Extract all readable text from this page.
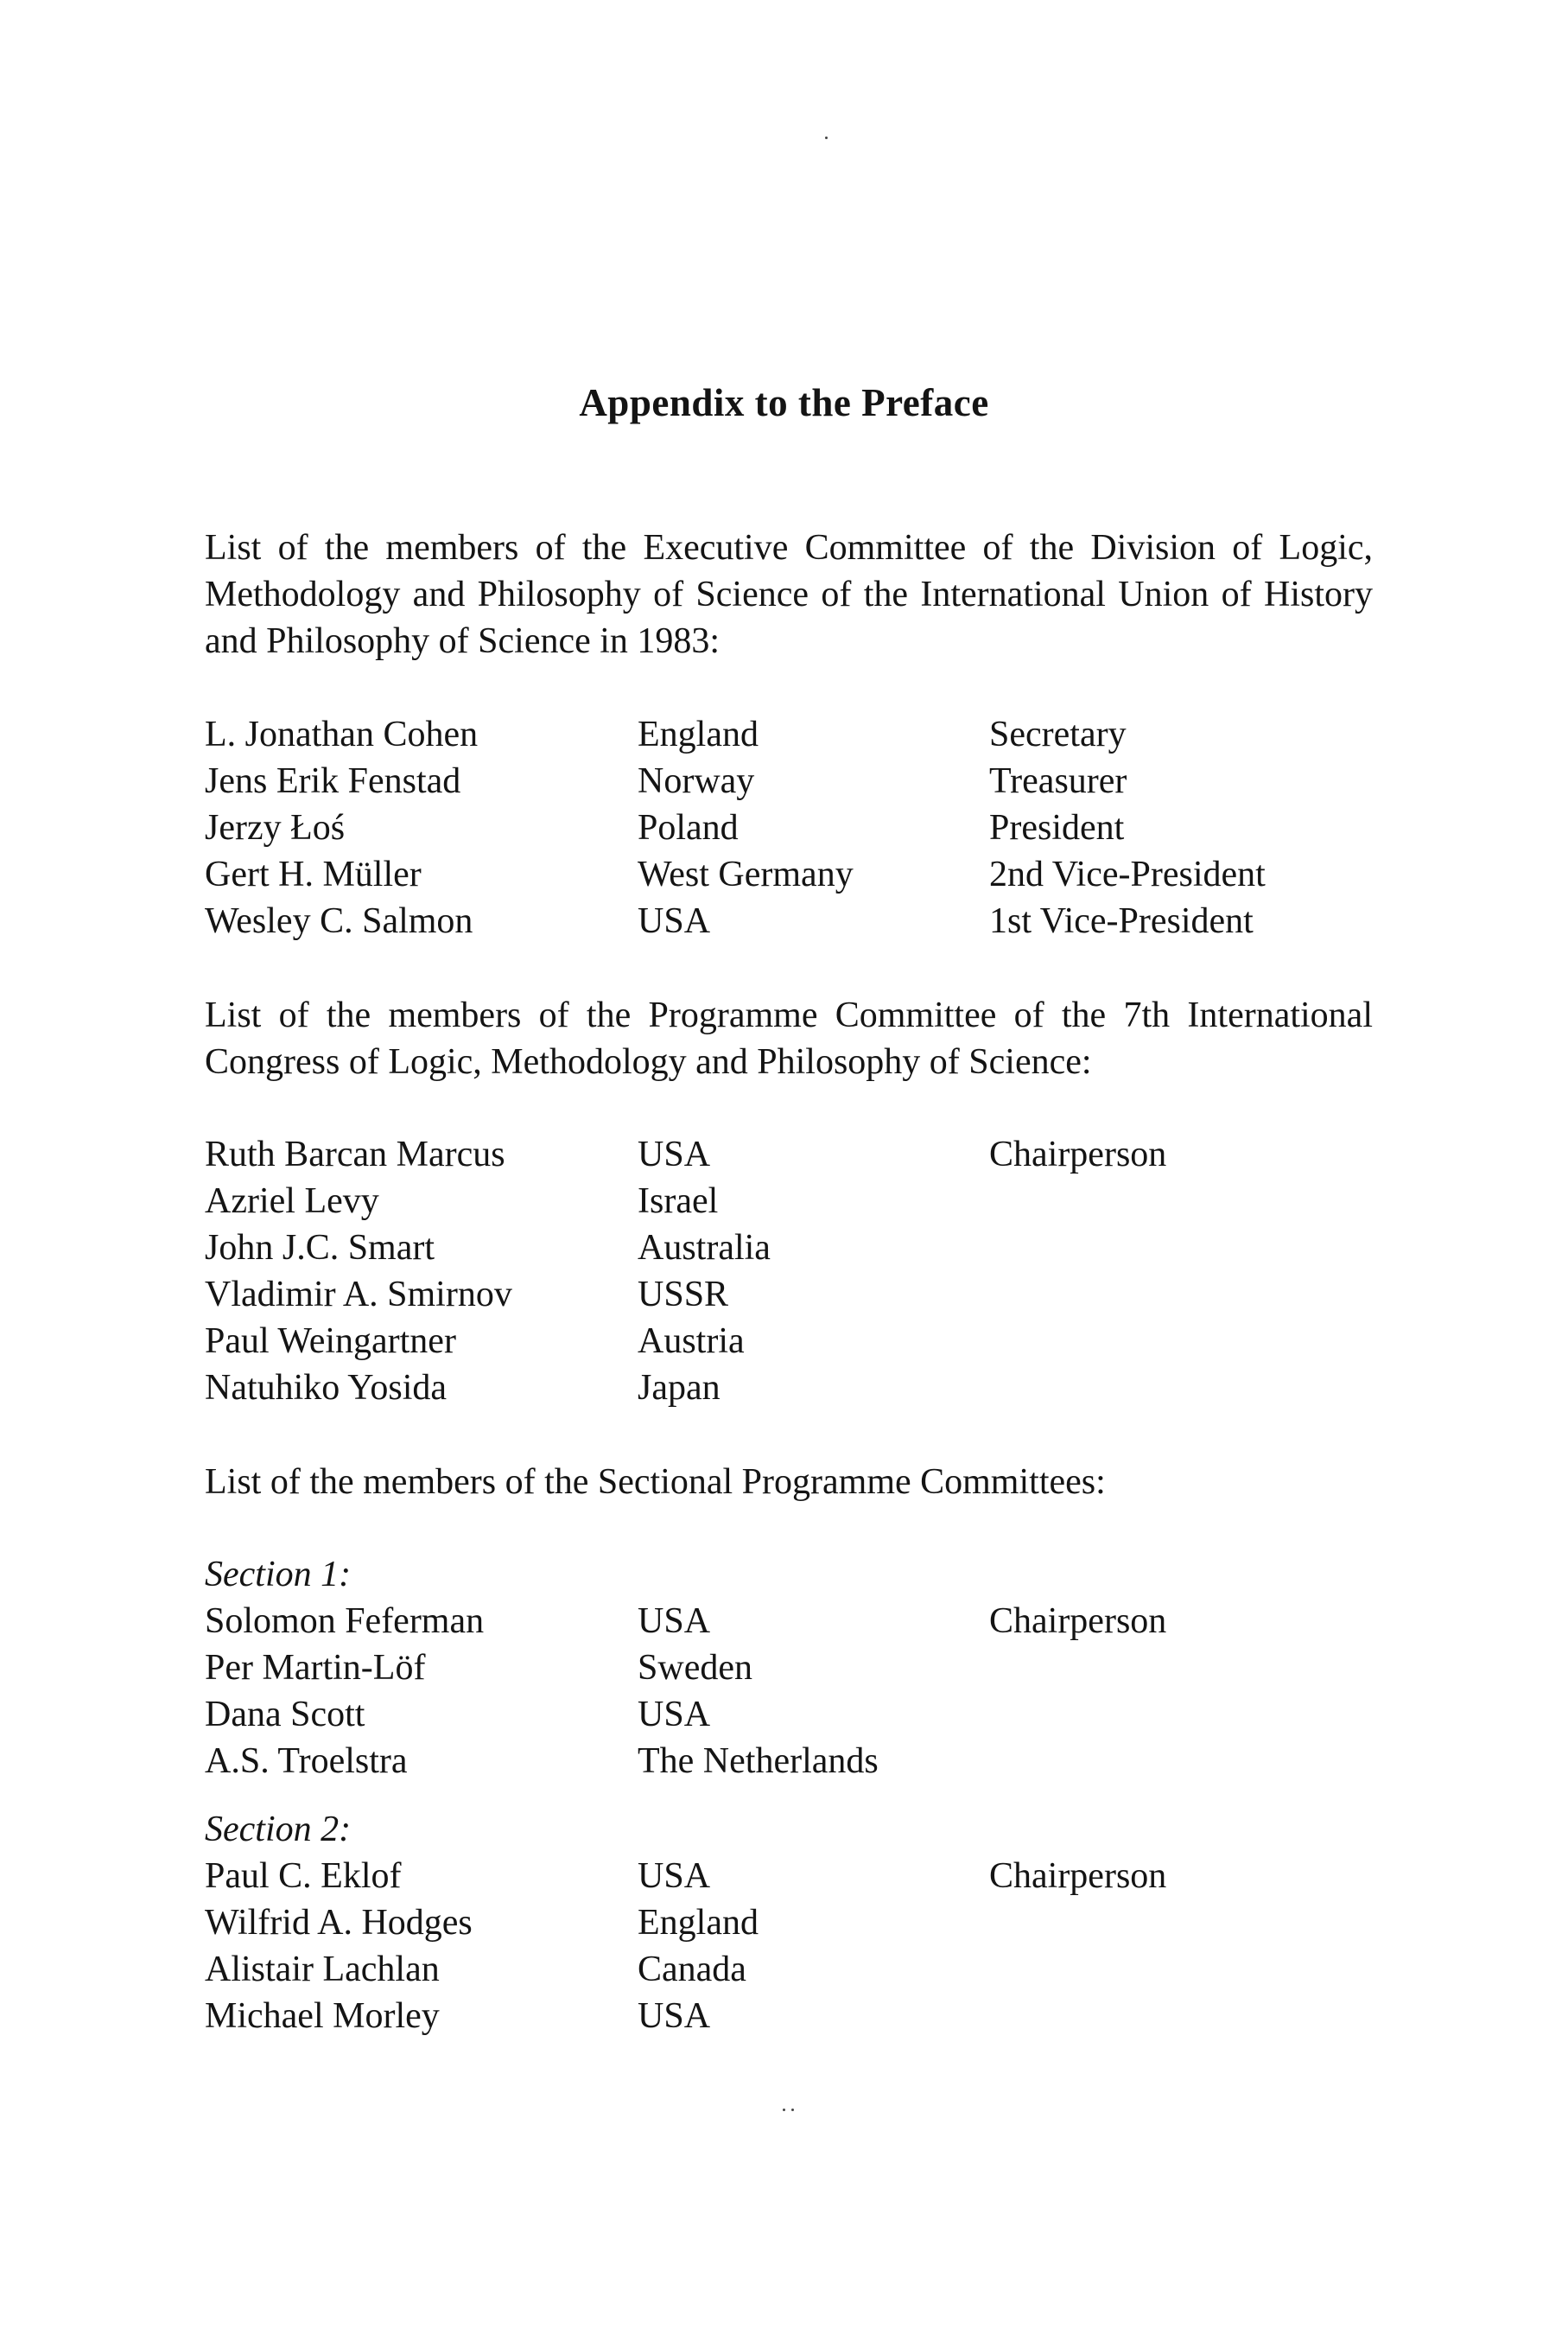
Appendix to the Preface

List of the members of the Executive Committee of the Division of Logic, Methodology and Philosophy of Science of the International Union of History and Philosophy of Science in 1983:

L. Jonathan Cohen	England	Secretary
Jens Erik Fenstad	Norway	Treasurer
Jerzy Łoś	Poland	President
Gert H. Müller	West Germany	2nd Vice-President
Wesley C. Salmon	USA	1st Vice-President

List of the members of the Programme Committee of the 7th International Congress of Logic, Methodology and Philosophy of Science:

Ruth Barcan Marcus	USA	Chairperson
Azriel Levy	Israel
John J.C. Smart	Australia
Vladimir A. Smirnov	USSR
Paul Weingartner	Austria
Natuhiko Yosida	Japan

List of the members of the Sectional Programme Committees:

Section 1:
Solomon Feferman	USA	Chairperson
Per Martin-Löf	Sweden
Dana Scott	USA
A.S. Troelstra	The Netherlands
Section 2:
Paul C. Eklof	USA	Chairperson
Wilfrid A. Hodges	England
Alistair Lachlan	Canada
Michael Morley	USA
